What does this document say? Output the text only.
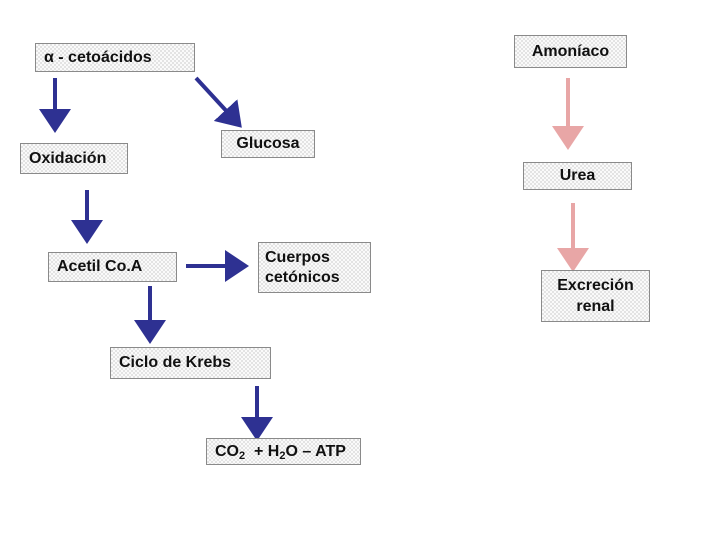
α - cetoácidos	Amoníaco
Oxidación
Glucosa
Urea
Acetil Co.A
Cuerpos
cetónicos	Excreción
renal
Ciclo de Krebs
$CO_2 + H_2O$ – ATP
